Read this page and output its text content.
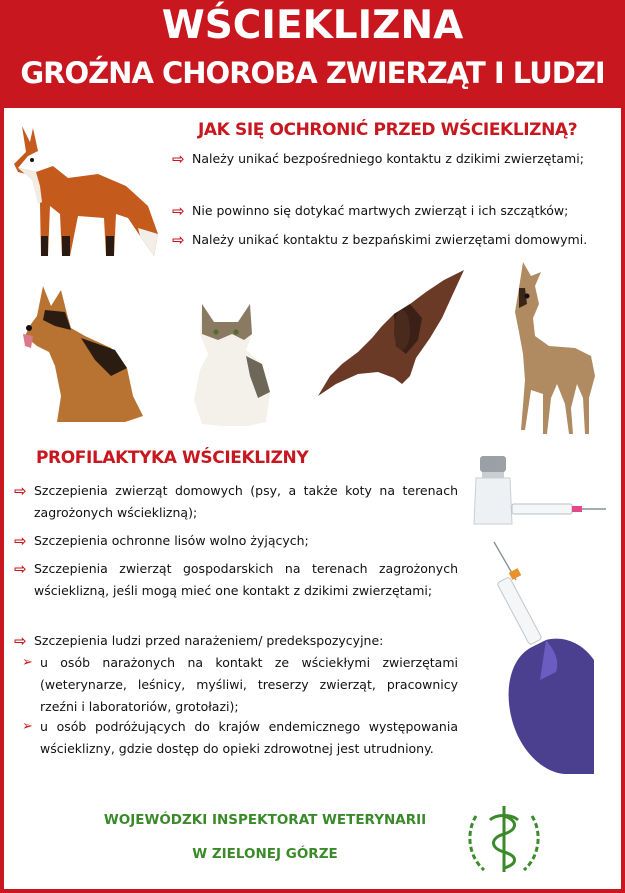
WŚCIEKLIZNA
GROŹNA CHOROBA ZWIERZĄT I LUDZI
JAK SIĘ OCHRONIĆ PRZED WŚCIEKLIZNĄ?
⇨ Należy unikać bezpośredniego kontaktu z dzikimi zwierzętami;
⇨ Nie powinno się dotykać martwych zwierząt i ich szczątków;
⇨ Należy unikać kontaktu z bezpańskimi zwierzętami domowymi.
PROFILAKTYKA WŚCIEKLIZNY
⇨ Szczepienia zwierząt domowych (psy, a także koty na terenach zagrożonych wścieklizną);
⇨ Szczepienia ochronne lisów wolno żyjących;
⇨ Szczepienia zwierząt gospodarskich na terenach zagrożonych wścieklizną, jeśli mogą mieć one kontakt z dzikimi zwierzętami;
⇨ Szczepienia ludzi przed narażeniem/ predekspozycyjne:
➢ u osób narażonych na kontakt ze wściekłymi zwierzętami (weterynarze, leśnicy, myśliwi, treserzy zwierząt, pracownicy rzeźni i laboratoriów, grotołazi);
➢ u osób podróżujących do krajów endemicznego występowania wścieklizny, gdzie dostęp do opieki zdrowotnej jest utrudniony.
WOJEWÓDZKI INSPEKTORAT WETERYNARII
W ZIELONEJ GÓRZE
